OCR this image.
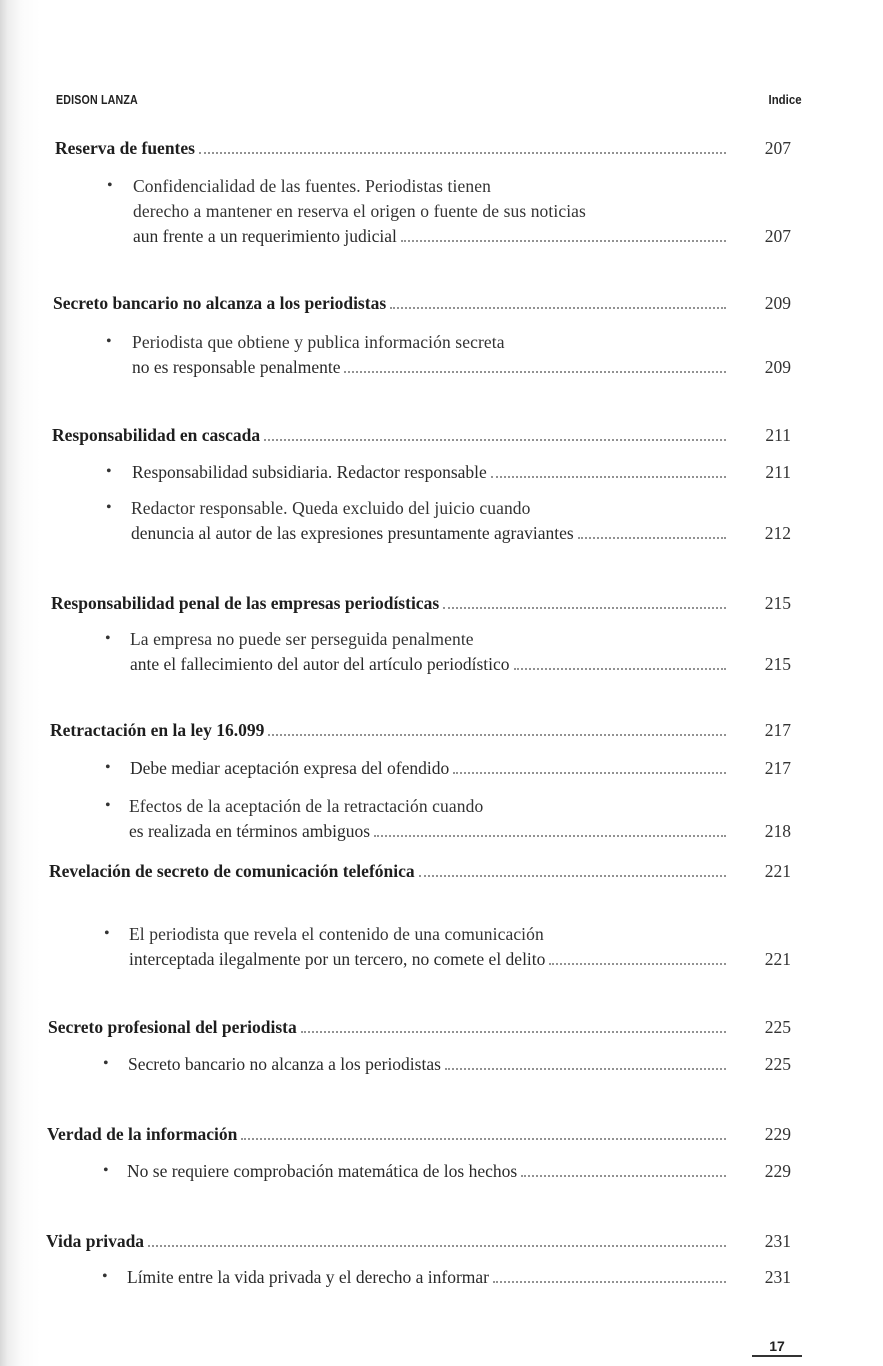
EDISON LANZA	Indice
Reserva de fuentes	207
• Confidencialidad de las fuentes. Periodistas tienen
derecho a mantener en reserva el origen o fuente de sus noticias
aun frente a un requerimiento judicial	207
Secreto bancario no alcanza a los periodistas	209
• Periodista que obtiene y publica información secreta
no es responsable penalmente	209
Responsabilidad en cascada	211
• Responsabilidad subsidiaria. Redactor responsable	211
• Redactor responsable. Queda excluido del juicio cuando
denuncia al autor de las expresiones presuntamente agraviantes	212
Responsabilidad penal de las empresas periodísticas	215
• La empresa no puede ser perseguida penalmente
ante el fallecimiento del autor del artículo periodístico	215
Retractación en la ley 16.099	217
• Debe mediar aceptación expresa del ofendido	217
• Efectos de la aceptación de la retractación cuando
es realizada en términos ambiguos	218
Revelación de secreto de comunicación telefónica	221
• El periodista que revela el contenido de una comunicación
interceptada ilegalmente por un tercero, no comete el delito	221
Secreto profesional del periodista	225
• Secreto bancario no alcanza a los periodistas	225
Verdad de la información	229
• No se requiere comprobación matemática de los hechos	229
Vida privada	231
• Límite entre la vida privada y el derecho a informar	231
17
